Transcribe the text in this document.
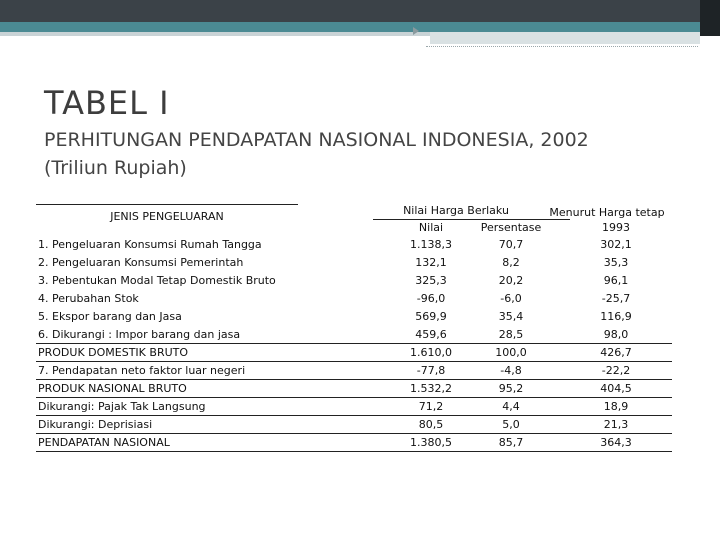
TABEL I
PERHITUNGAN PENDAPATAN NASIONAL INDONESIA, 2002
(Triliun Rupiah)
JENIS PENGELUARAN	Nilai Harga Berlaku	Menurut Harga tetap
Nilai	Persentase	1993
1. Pengeluaran Konsumsi Rumah Tangga	1.138,3	70,7	302,1
2. Pengeluaran Konsumsi Pemerintah	132,1	8,2	35,3
3. Pebentukan Modal Tetap Domestik Bruto	325,3	20,2	96,1
4. Perubahan Stok	-96,0	-6,0	-25,7
5. Ekspor barang dan Jasa	569,9	35,4	116,9
6. Dikurangi : Impor barang dan jasa	459,6	28,5	98,0
PRODUK DOMESTIK BRUTO	1.610,0	100,0	426,7
7. Pendapatan neto faktor luar negeri	-77,8	-4,8	-22,2
PRODUK NASIONAL BRUTO	1.532,2	95,2	404,5
Dikurangi: Pajak Tak Langsung	71,2	4,4	18,9
Dikurangi: Deprisiasi	80,5	5,0	21,3
PENDAPATAN NASIONAL	1.380,5	85,7	364,3
